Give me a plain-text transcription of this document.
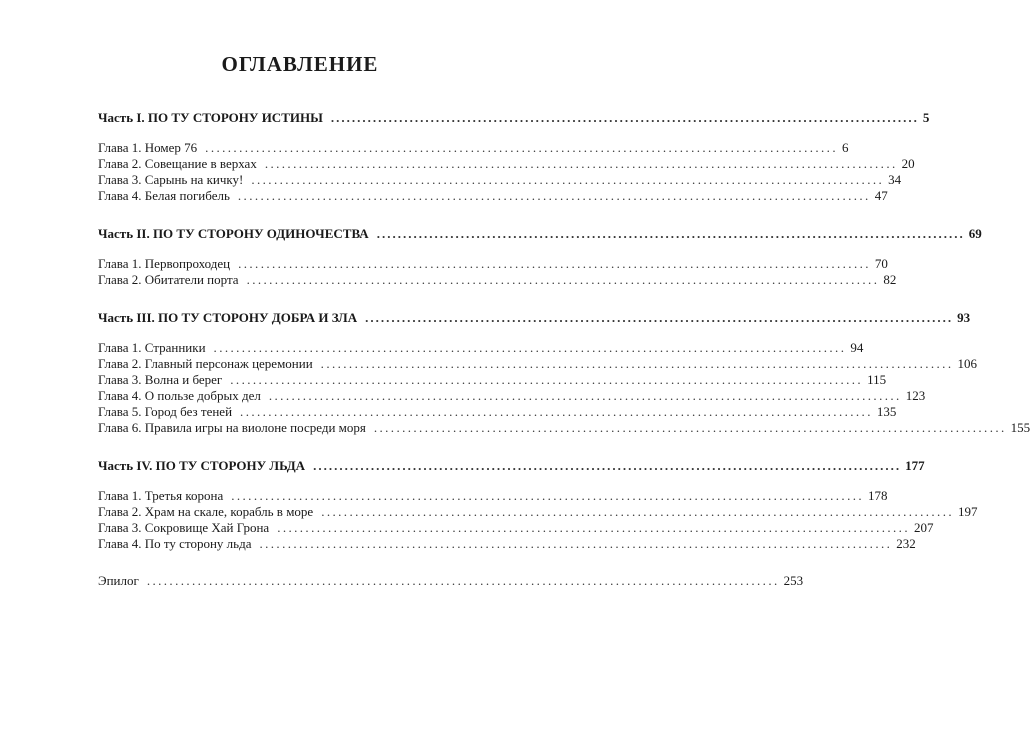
ОГЛАВЛЕНИЕ
Часть I. ПО ТУ СТОРОНУ ИСТИНЫ ................................................................................................................ 5
Глава 1. Номер 76 ................................................................................................................ 6
Глава 2. Совещание в верхах ................................................................................................................ 20
Глава 3. Сарынь на кичку! ................................................................................................................ 34
Глава 4. Белая погибель ................................................................................................................ 47
Часть II. ПО ТУ СТОРОНУ ОДИНОЧЕСТВА ................................................................................................................ 69
Глава 1. Первопроходец ................................................................................................................ 70
Глава 2. Обитатели порта ................................................................................................................ 82
Часть III. ПО ТУ СТОРОНУ ДОБРА И ЗЛА ................................................................................................................ 93
Глава 1. Странники ................................................................................................................ 94
Глава 2. Главный персонаж церемонии ................................................................................................................ 106
Глава 3. Волна и берег ................................................................................................................ 115
Глава 4. О пользе добрых дел ................................................................................................................ 123
Глава 5. Город без теней ................................................................................................................ 135
Глава 6. Правила игры на виолоне посреди моря ................................................................................................................ 155
Часть IV. ПО ТУ СТОРОНУ ЛЬДА ................................................................................................................ 177
Глава 1. Третья корона ................................................................................................................ 178
Глава 2. Храм на скале, корабль в море ................................................................................................................ 197
Глава 3. Сокровище Хай Грона ................................................................................................................ 207
Глава 4. По ту сторону льда ................................................................................................................ 232
Эпилог ................................................................................................................ 253
